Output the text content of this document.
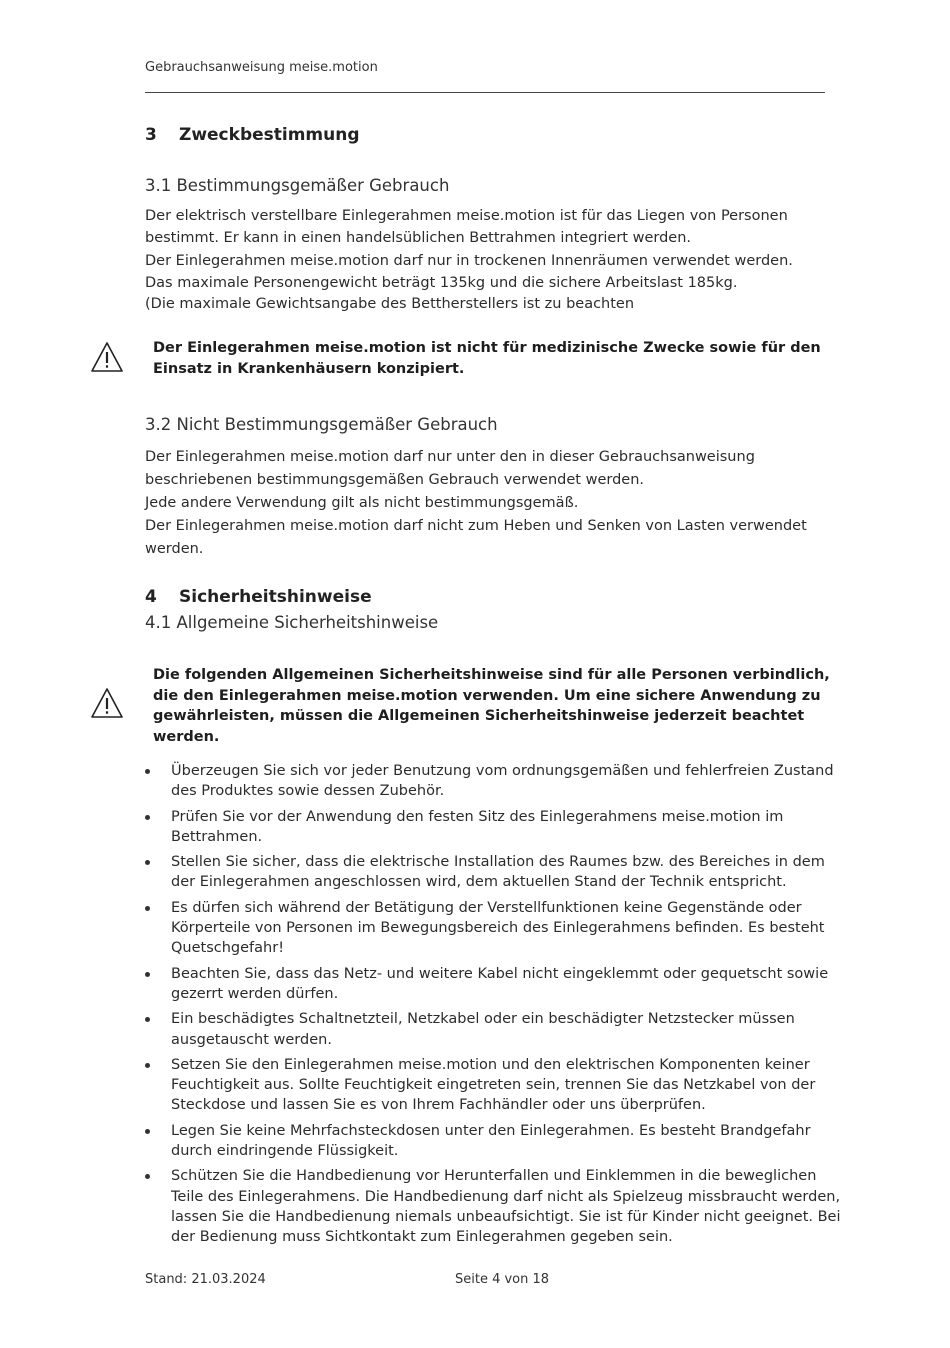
Gebrauchsanweisung meise.motion
3 Zweckbestimmung
3.1 Bestimmungsgemäßer Gebrauch

Der elektrisch verstellbare Einlegerahmen meise.motion ist für das Liegen von Personen bestimmt. Er kann in einen handelsüblichen Bettrahmen integriert werden.

Der Einlegerahmen meise.motion darf nur in trockenen Innenräumen verwendet werden.

Das maximale Personengewicht beträgt 135kg und die sichere Arbeitslast 185kg.

(Die maximale Gewichtsangabe des Bettherstellers ist zu beachten

Der Einlegerahmen meise.motion ist nicht für medizinische Zwecke sowie für den Einsatz in Krankenhäusern konzipiert.
3.2 Nicht Bestimmungsgemäßer Gebrauch

Der Einlegerahmen meise.motion darf nur unter den in dieser Gebrauchsanweisung

beschriebenen bestimmungsgemäßen Gebrauch verwendet werden.

Jede andere Verwendung gilt als nicht bestimmungsgemäß.

Der Einlegerahmen meise.motion darf nicht zum Heben und Senken von Lasten verwendet werden.

4 Sicherheitshinweise
4.1 Allgemeine Sicherheitshinweise
Die folgenden Allgemeinen Sicherheitshinweise sind für alle Personen verbindlich, die den Einlegerahmen meise.motion verwenden. Um eine sichere Anwendung zu gewährleisten, müssen die Allgemeinen Sicherheitshinweise jederzeit beachtet werden.
Überzeugen Sie sich vor jeder Benutzung vom ordnungsgemäßen und fehlerfreien Zustand des Produktes sowie dessen Zubehör.
Prüfen Sie vor der Anwendung den festen Sitz des Einlegerahmens meise.motion im Bettrahmen.
Stellen Sie sicher, dass die elektrische Installation des Raumes bzw. des Bereiches in dem der Einlegerahmen angeschlossen wird, dem aktuellen Stand der Technik entspricht.
Es dürfen sich während der Betätigung der Verstellfunktionen keine Gegenstände oder Körperteile von Personen im Bewegungsbereich des Einlegerahmens befinden. Es besteht Quetschgefahr!
Beachten Sie, dass das Netz- und weitere Kabel nicht eingeklemmt oder gequetscht sowie gezerrt werden dürfen.
Ein beschädigtes Schaltnetzteil, Netzkabel oder ein beschädigter Netzstecker müssen ausgetauscht werden.
Setzen Sie den Einlegerahmen meise.motion und den elektrischen Komponenten keiner Feuchtigkeit aus. Sollte Feuchtigkeit eingetreten sein, trennen Sie das Netzkabel von der Steckdose und lassen Sie es von Ihrem Fachhändler oder uns überprüfen.
Legen Sie keine Mehrfachsteckdosen unter den Einlegerahmen. Es besteht Brandgefahr durch eindringende Flüssigkeit.
Schützen Sie die Handbedienung vor Herunterfallen und Einklemmen in die beweglichen Teile des Einlegerahmens. Die Handbedienung darf nicht als Spielzeug missbraucht werden, lassen Sie die Handbedienung niemals unbeaufsichtigt. Sie ist für Kinder nicht geeignet. Bei der Bedienung muss Sichtkontakt zum Einlegerahmen gegeben sein.
Stand: 21.03.2024	Seite 4 von 18
